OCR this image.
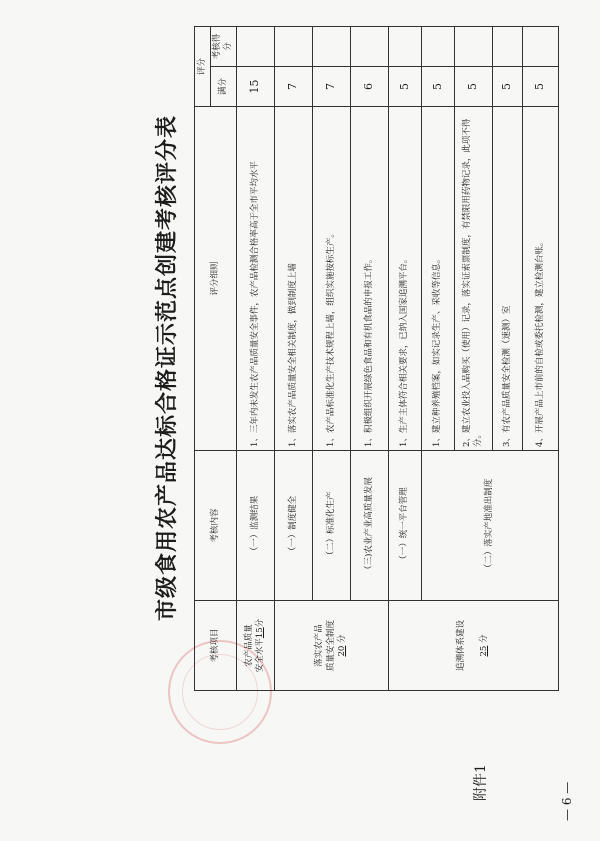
附件1
市级食用农产品达标合格证示范点创建考核评分表
考核项目	考核内容	评分细则	评分	
			满分	考核得分
农产品质量
安全水平15分	（一）监测结果	1、三年内未发生农产品质量安全事件，农产品检测合格率高于全市平均水平	15	
落实农产品
质量安全制度
20 分	（一）制度健全	1、落实农产品质量安全相关制度，做到制度上墙	7	
	（二）标准化生产	1、农产品标准化生产技术规程上墙，组织实施按标生产。	7	
	（三)农业产业高质量发展	1、积极组织开展绿色食品和有机食品的申报工作。	6	
追溯体系建设 25 分	（一）统一平台管理	1、生产主体符合相关要求，已纳入国家追溯平台。	5	
	（二）落实产地准出制度	1、建立种养殖档案，如实记录生产、采收等信息。	5	
		2、建立农业投入品购买（使用）记录，落实证索票制度，有禁限用药物记录，此项不得分。	5	
		3、有农产品质量安全检测（速测）室	5	
		4、开展产品上市前的自检或委托检测，建立检测台账。	5	
— 6 —
